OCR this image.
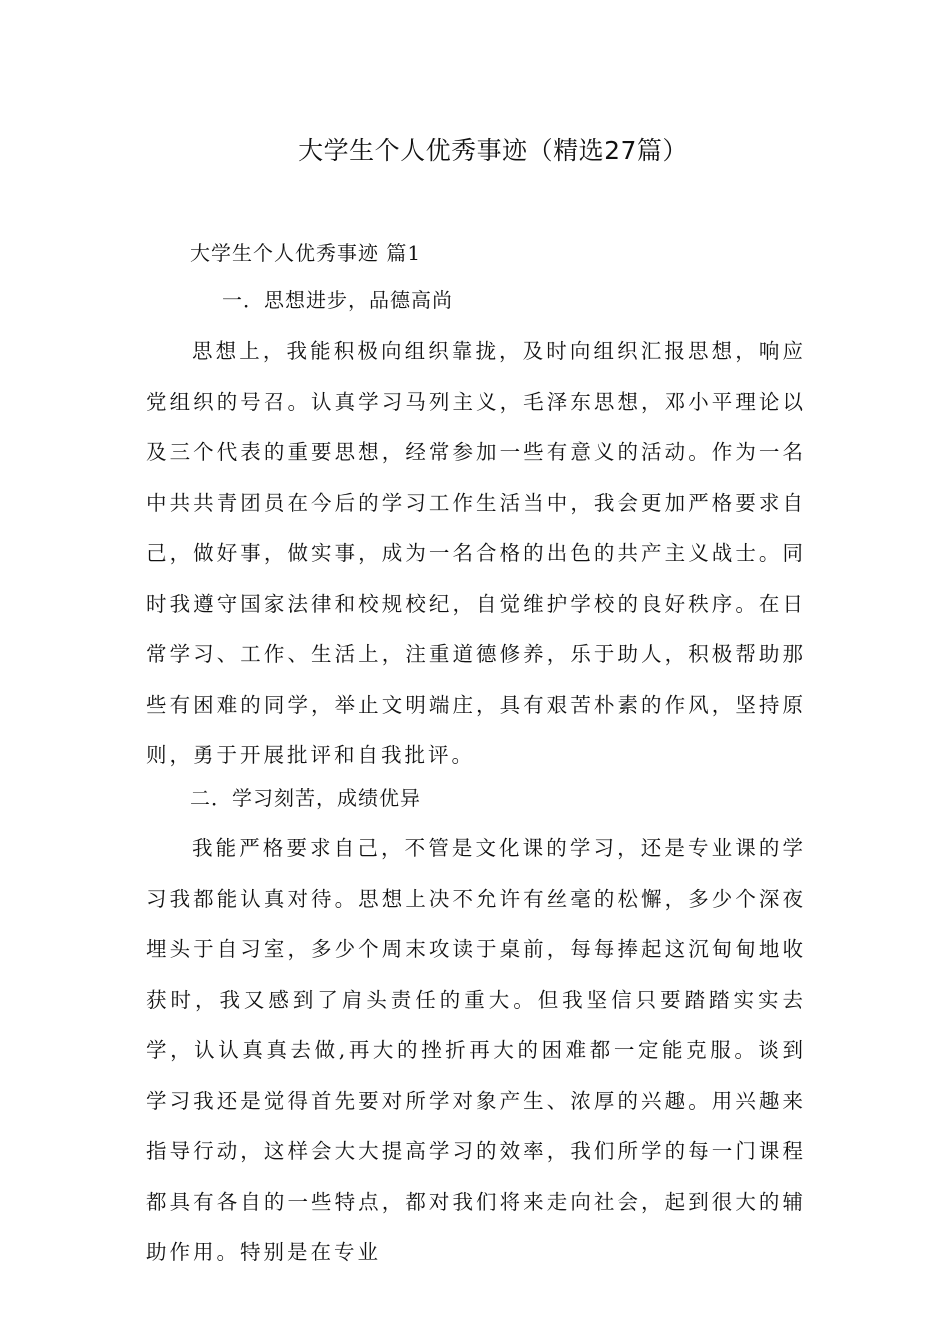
大学生个人优秀事迹（精选27篇）
大学生个人优秀事迹 篇1
一．思想进步，品德高尚
思想上，我能积极向组织靠拢，及时向组织汇报思想，响应党组织的号召。认真学习马列主义，毛泽东思想，邓小平理论以及三个代表的重要思想，经常参加一些有意义的活动。作为一名中共共青团员在今后的学习工作生活当中，我会更加严格要求自己，做好事，做实事，成为一名合格的出色的共产主义战士。同时我遵守国家法律和校规校纪，自觉维护学校的良好秩序。在日常学习、工作、生活上，注重道德修养，乐于助人，积极帮助那些有困难的同学，举止文明端庄，具有艰苦朴素的作风，坚持原则，勇于开展批评和自我批评。
二．学习刻苦，成绩优异
我能严格要求自己，不管是文化课的学习，还是专业课的学习我都能认真对待。思想上决不允许有丝毫的松懈，多少个深夜埋头于自习室，多少个周末攻读于桌前，每每捧起这沉甸甸地收获时，我又感到了肩头责任的重大。但我坚信只要踏踏实实去学，认认真真去做,再大的挫折再大的困难都一定能克服。谈到学习我还是觉得首先要对所学对象产生、浓厚的兴趣。用兴趣来指导行动，这样会大大提高学习的效率，我们所学的每一门课程都具有各自的一些特点，都对我们将来走向社会，起到很大的辅助作用。特别是在专业
